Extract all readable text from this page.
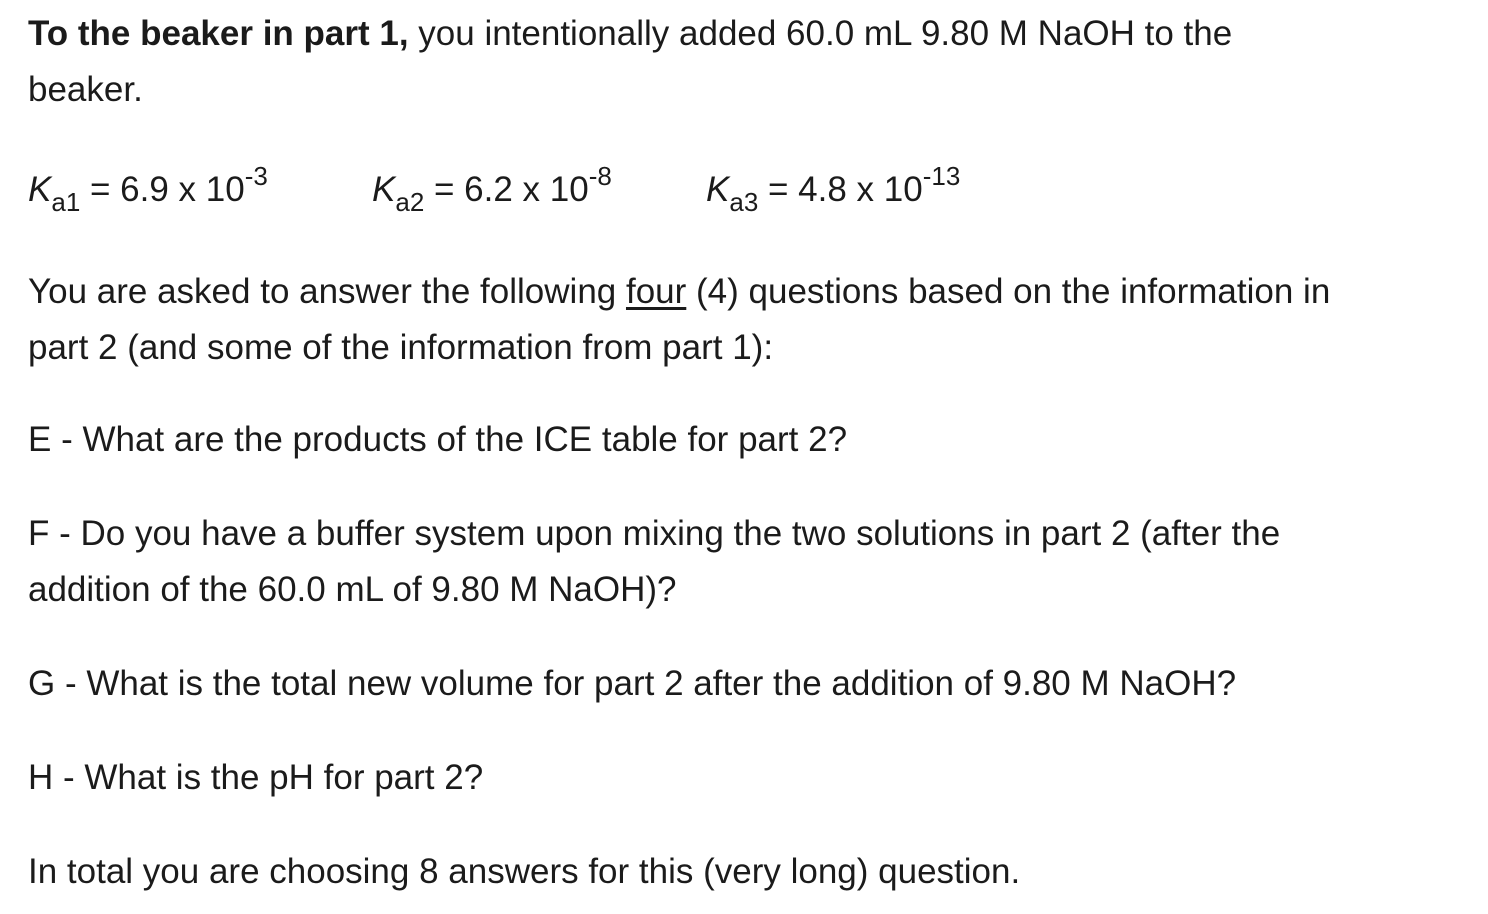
To the beaker in part 1, you intentionally added 60.0 mL 9.80 M NaOH to the
beaker.

$K_{a1} = 6.9$ x $10^{-3}$	$K_{a2} = 6.2$ x $10^{-8}$	$K_{a3} = 4.8$ x $10^{-13}$

You are asked to answer the following four (4) questions based on the information in
part 2 (and some of the information from part 1):

E - What are the products of the ICE table for part 2?

F - Do you have a buffer system upon mixing the two solutions in part 2 (after the
addition of the 60.0 mL of 9.80 M NaOH)?

G - What is the total new volume for part 2 after the addition of 9.80 M NaOH?

H - What is the pH for part 2?

In total you are choosing 8 answers for this (very long) question.
